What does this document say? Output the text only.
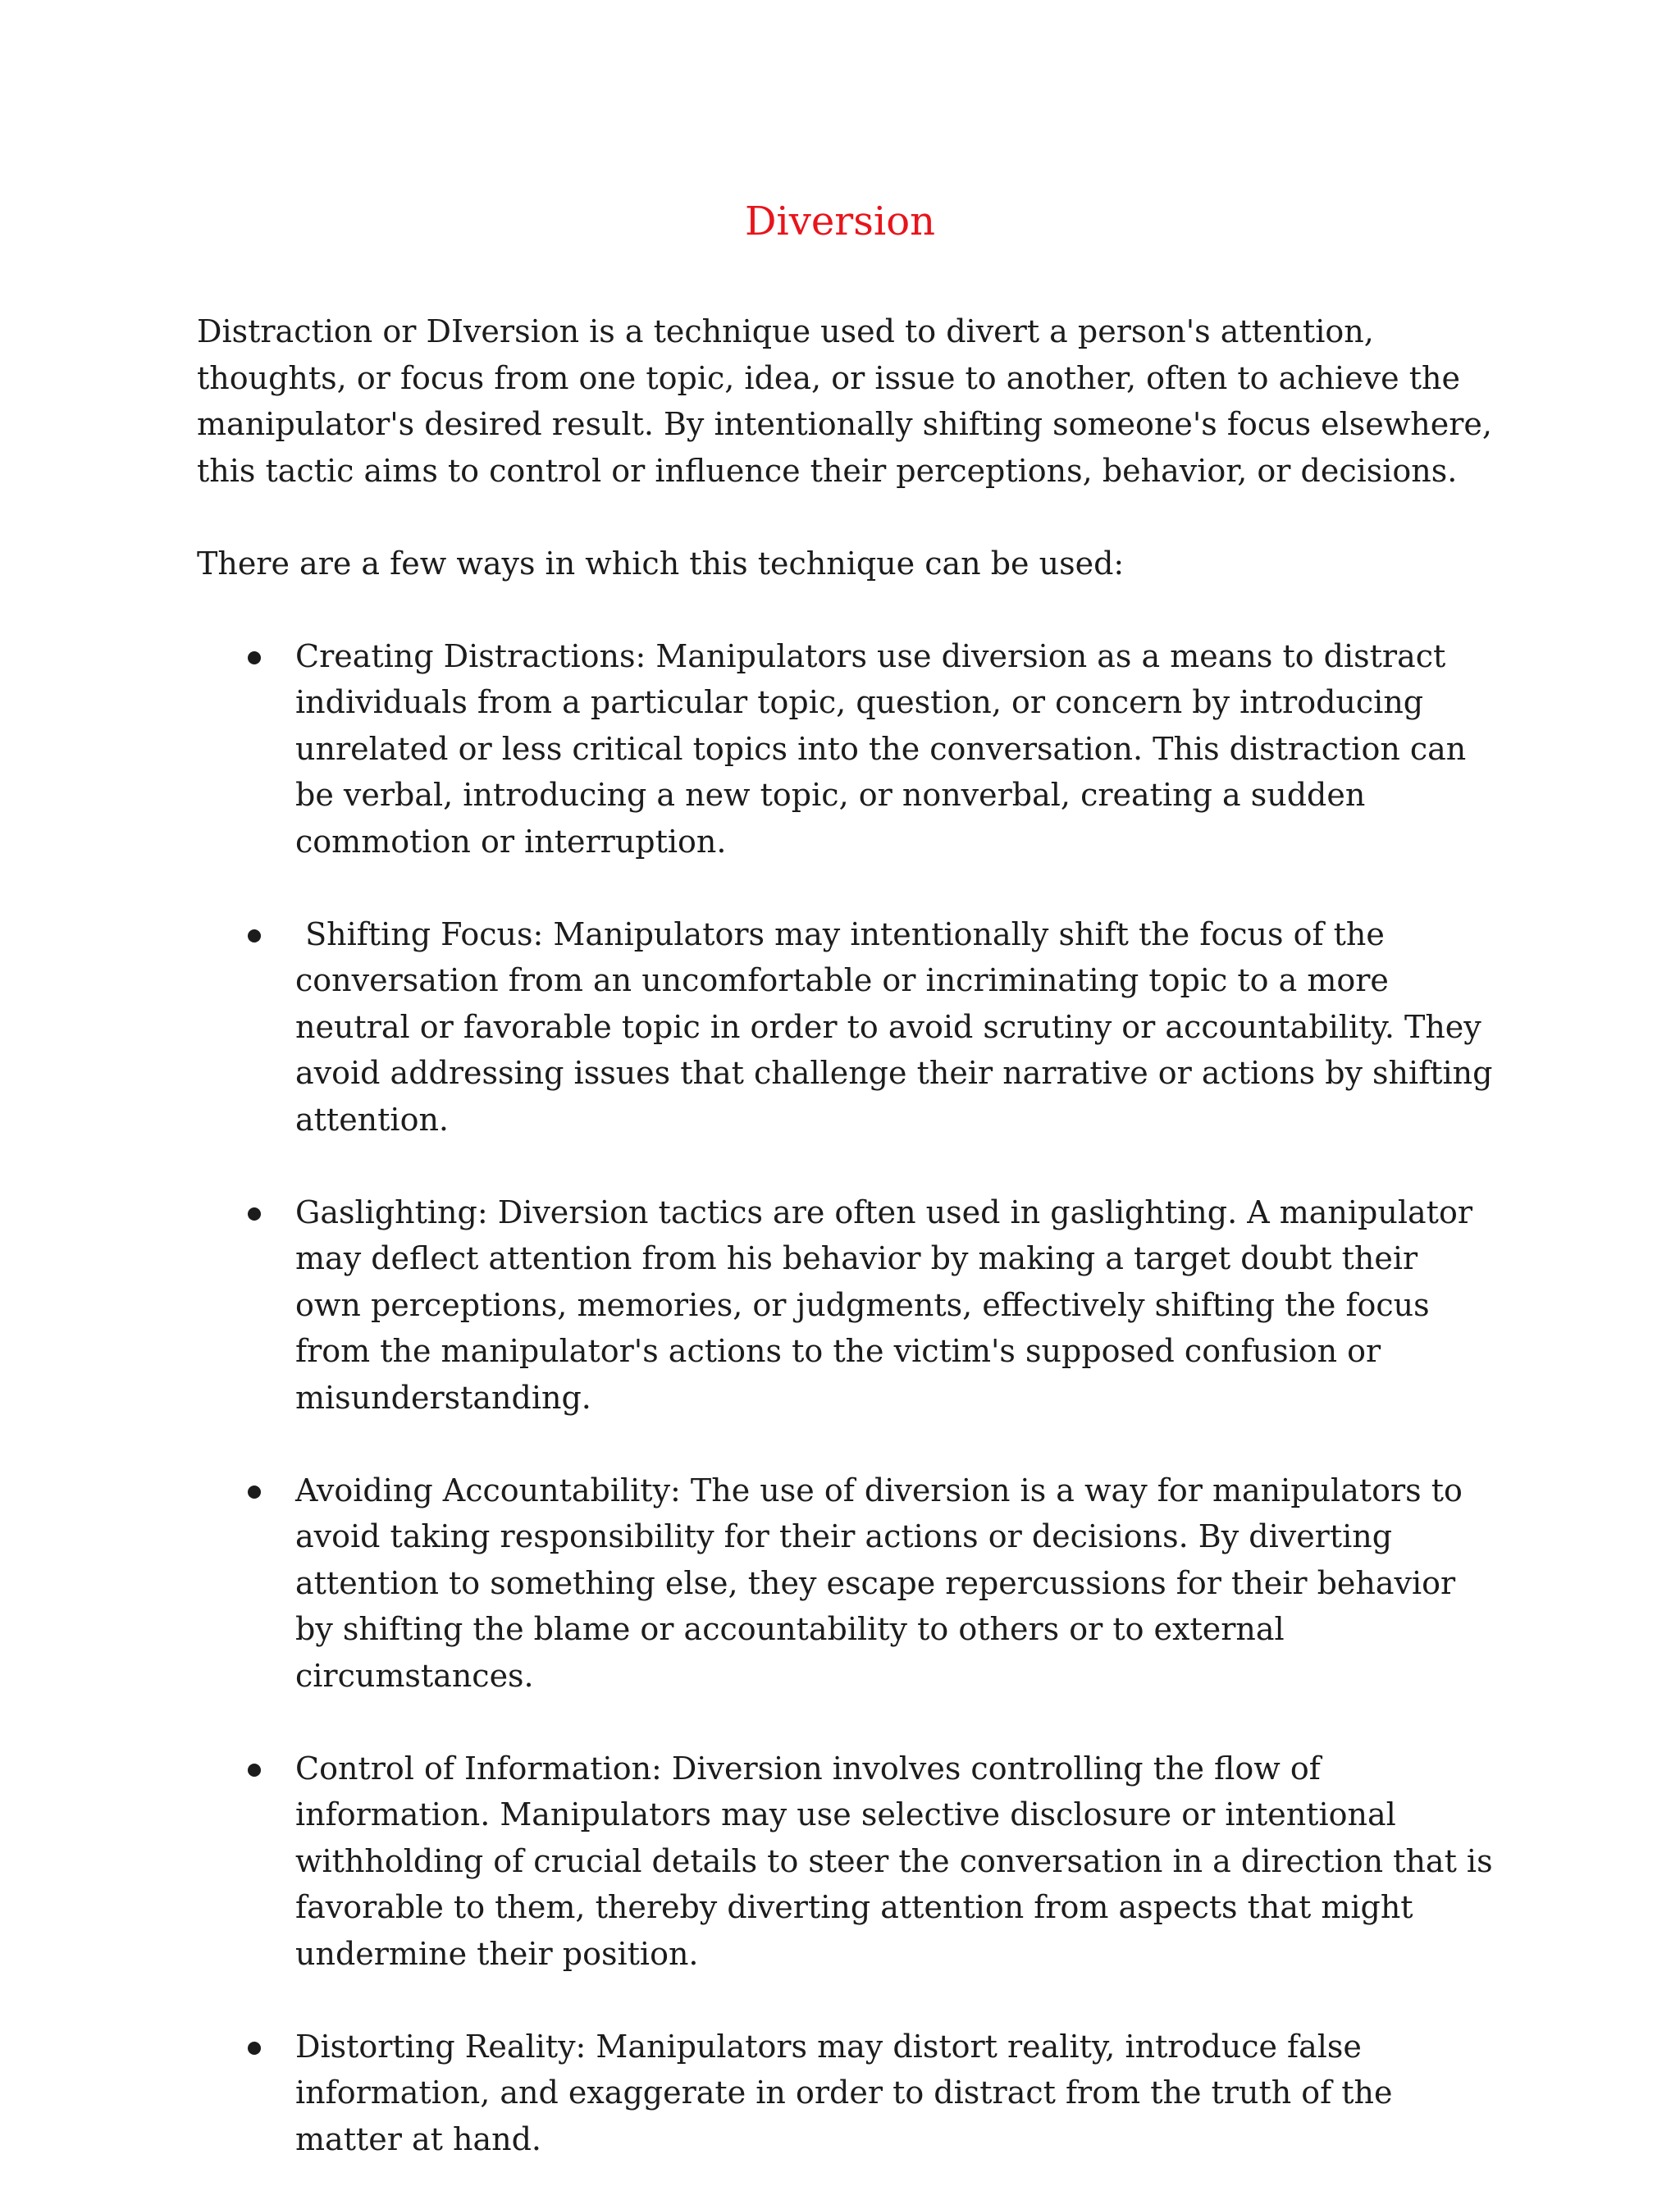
Diversion

Distraction or DIversion is a technique used to divert a person's attention, thoughts, or focus from one topic, idea, or issue to another, often to achieve the manipulator's desired result. By intentionally shifting someone's focus elsewhere, this tactic aims to control or influence their perceptions, behavior, or decisions.

There are a few ways in which this technique can be used:

Creating Distractions: Manipulators use diversion as a means to distract individuals from a particular topic, question, or concern by introducing unrelated or less critical topics into the conversation. This distraction can be verbal, introducing a new topic, or nonverbal, creating a sudden commotion or interruption.
Shifting Focus: Manipulators may intentionally shift the focus of the conversation from an uncomfortable or incriminating topic to a more neutral or favorable topic in order to avoid scrutiny or accountability. They avoid addressing issues that challenge their narrative or actions by shifting attention.
Gaslighting: Diversion tactics are often used in gaslighting. A manipulator may deflect attention from his behavior by making a target doubt their own perceptions, memories, or judgments, effectively shifting the focus from the manipulator's actions to the victim's supposed confusion or misunderstanding.
Avoiding Accountability: The use of diversion is a way for manipulators to avoid taking responsibility for their actions or decisions. By diverting attention to something else, they escape repercussions for their behavior by shifting the blame or accountability to others or to external circumstances.
Control of Information: Diversion involves controlling the flow of information. Manipulators may use selective disclosure or intentional withholding of crucial details to steer the conversation in a direction that is favorable to them, thereby diverting attention from aspects that might undermine their position.
Distorting Reality: Manipulators may distort reality, introduce false information, and exaggerate in order to distract from the truth of the matter at hand.
